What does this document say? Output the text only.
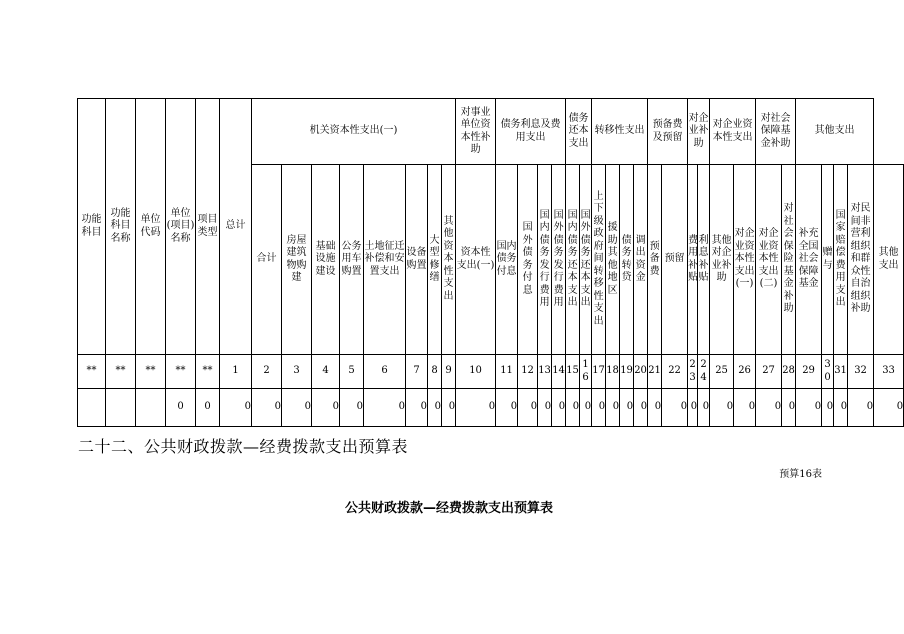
功能科目	功能科目名称	单位代码	单位(项目)名称	项目类型	总计	机关资本性支出(一)								对事业单位资本性补助	债务利息及费用支出				债务还本支出		转移性支出				预备费及预留		对企业补助		对企业资本性支出		对社会保障基金补助		其他支出				
						合计	房屋建筑物购建	基础设施建设	公务用车购置	土地征迁补偿和安置支出	设备购置	大型修缮	其他资本性支出	资本性支出(一)	国内债务付息	国外债务付息	国内债务发行费用	国外债务发行费用	国内债务还本支出	国外债务还本支出	上下级政府间转移性支出	援助其他地区	债务转贷	调出资金	预备费	预留	费用补贴	利息补贴	其他对企业补助	对企业资本性支出(一)	对企业资本性支出(二)	对社会保险基金补助	补充全国社会保障基金	赠与	国家赔偿费用支出	对民间非营利组织和群众性自治组织补助	其他支出
**	**	**	**	**	1	2	3	4	5	6	7	8	9	10	11	12	13	14	15	16	17	18	19	20	21	22	23	24	25	26	27	28	29	30	31	32	33
			0	0	0	0	0	0	0	0	0	0	0	0	0	0	0	0	0	0	0	0	0	0	0	0	0	0	0	0	0	0	0	0	0	0	0
二十二、公共财政拨款—经费拨款支出预算表
预算16表
公共财政拨款—经费拨款支出预算表
